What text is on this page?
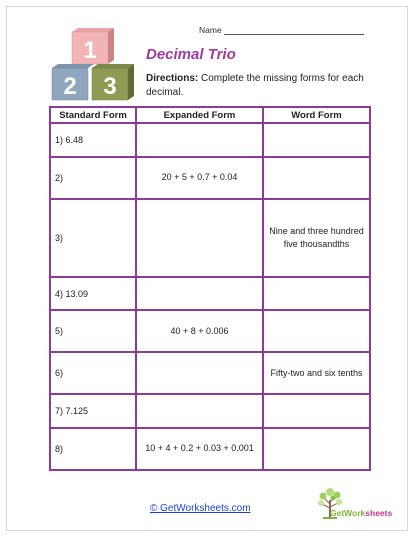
Name
1
2 3
Decimal Trio
Directions: Complete the missing forms for each decimal.
Standard Form	Expanded Form	Word Form
1) 6.48		
2)	20 + 5 + 0.7 + 0.04	
3)		Nine and three hundred five thousandths
4) 13.09		
5)	40 + 8 + 0.006	
6)		Fifty-two and six tenths
7) 7.125		
8)	10 + 4 + 0.2 + 0.03 + 0.001	
© GetWorksheets.com	GetWorksheets
